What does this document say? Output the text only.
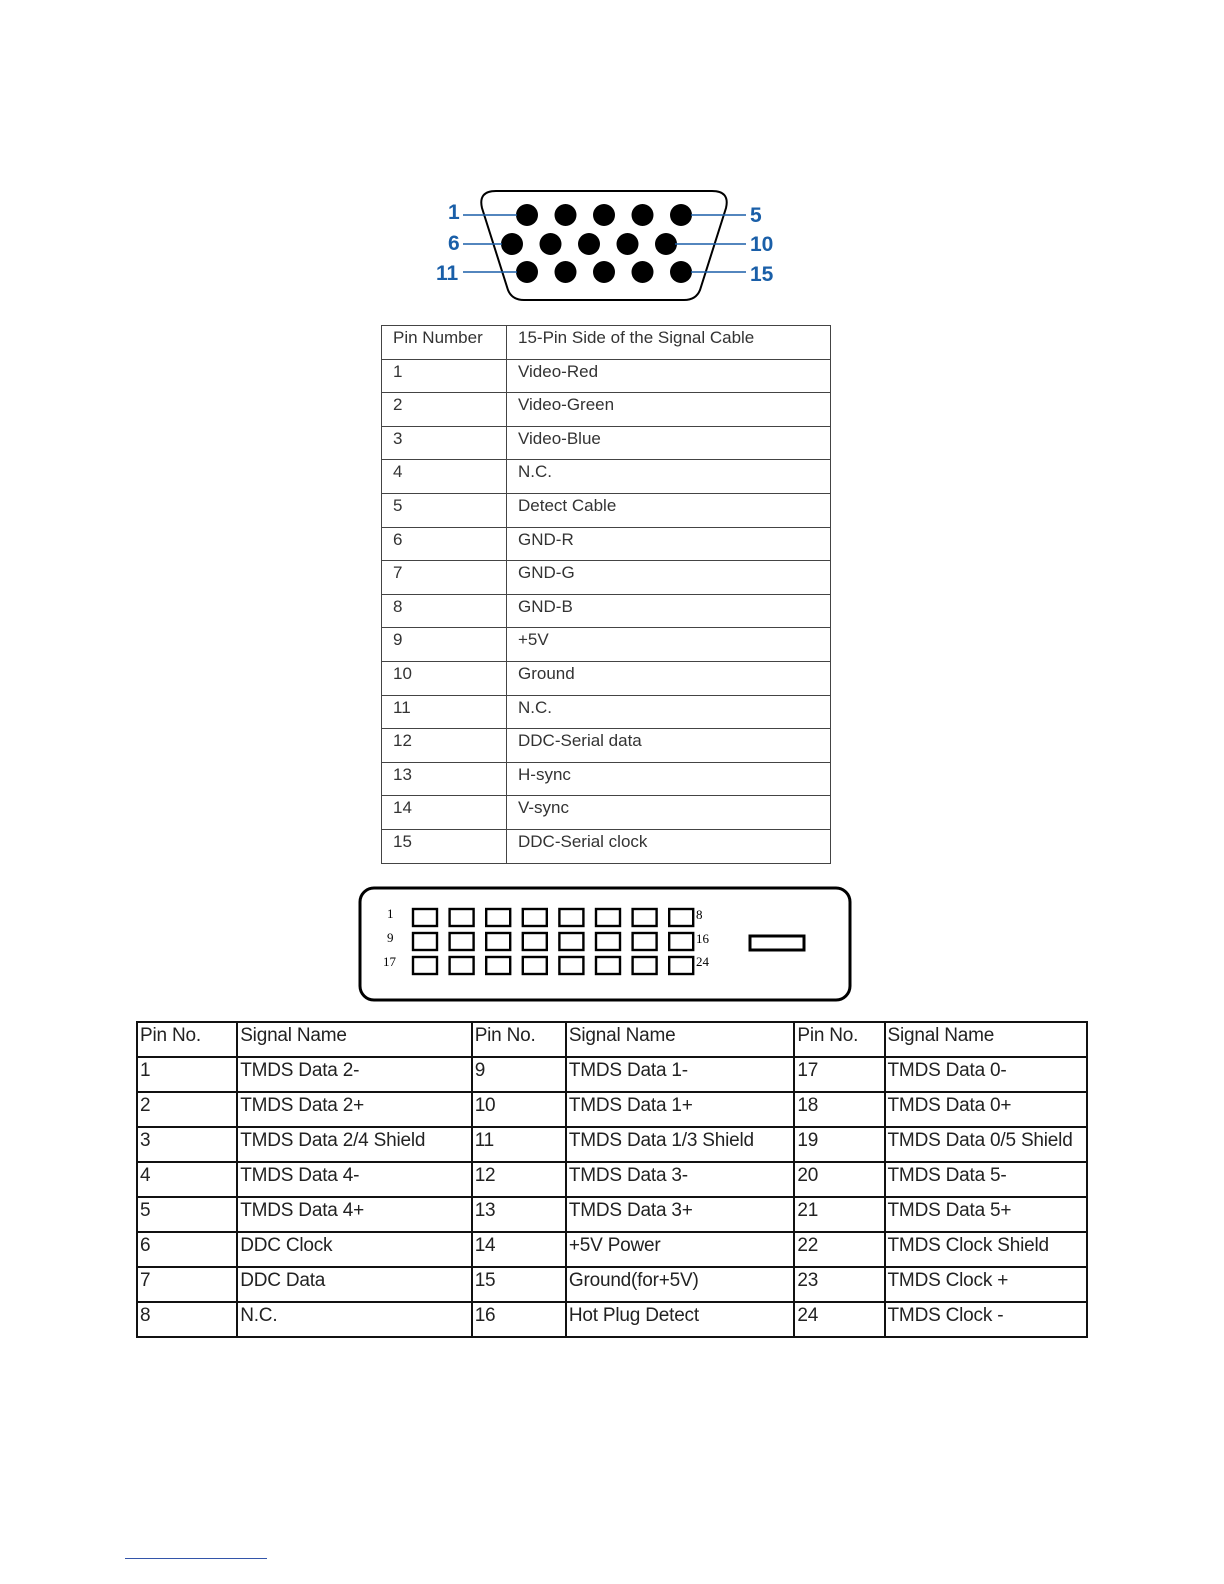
1
6
11
5
10
15
Pin Number	15-Pin Side of the Signal Cable
1	Video-Red
2	Video-Green
3	Video-Blue
4	N.C.
5	Detect Cable
6	GND-R
7	GND-G
8	GND-B
9	+5V
10	Ground
11	N.C.
12	DDC-Serial data
13	H-sync
14	V-sync
15	DDC-Serial clock
1
9
17
8
16
24
Pin No.	Signal Name	Pin No.	Signal Name	Pin No.	Signal Name
1	TMDS Data 2-	9	TMDS Data 1-	17	TMDS Data 0-
2	TMDS Data 2+	10	TMDS Data 1+	18	TMDS Data 0+
3	TMDS Data 2/4 Shield	11	TMDS Data 1/3 Shield	19	TMDS Data 0/5 Shield
4	TMDS Data 4-	12	TMDS Data 3-	20	TMDS Data 5-
5	TMDS Data 4+	13	TMDS Data 3+	21	TMDS Data 5+
6	DDC Clock	14	+5V Power	22	TMDS Clock Shield
7	DDC Data	15	Ground(for+5V)	23	TMDS Clock +
8	N.C.	16	Hot Plug Detect	24	TMDS Clock -
